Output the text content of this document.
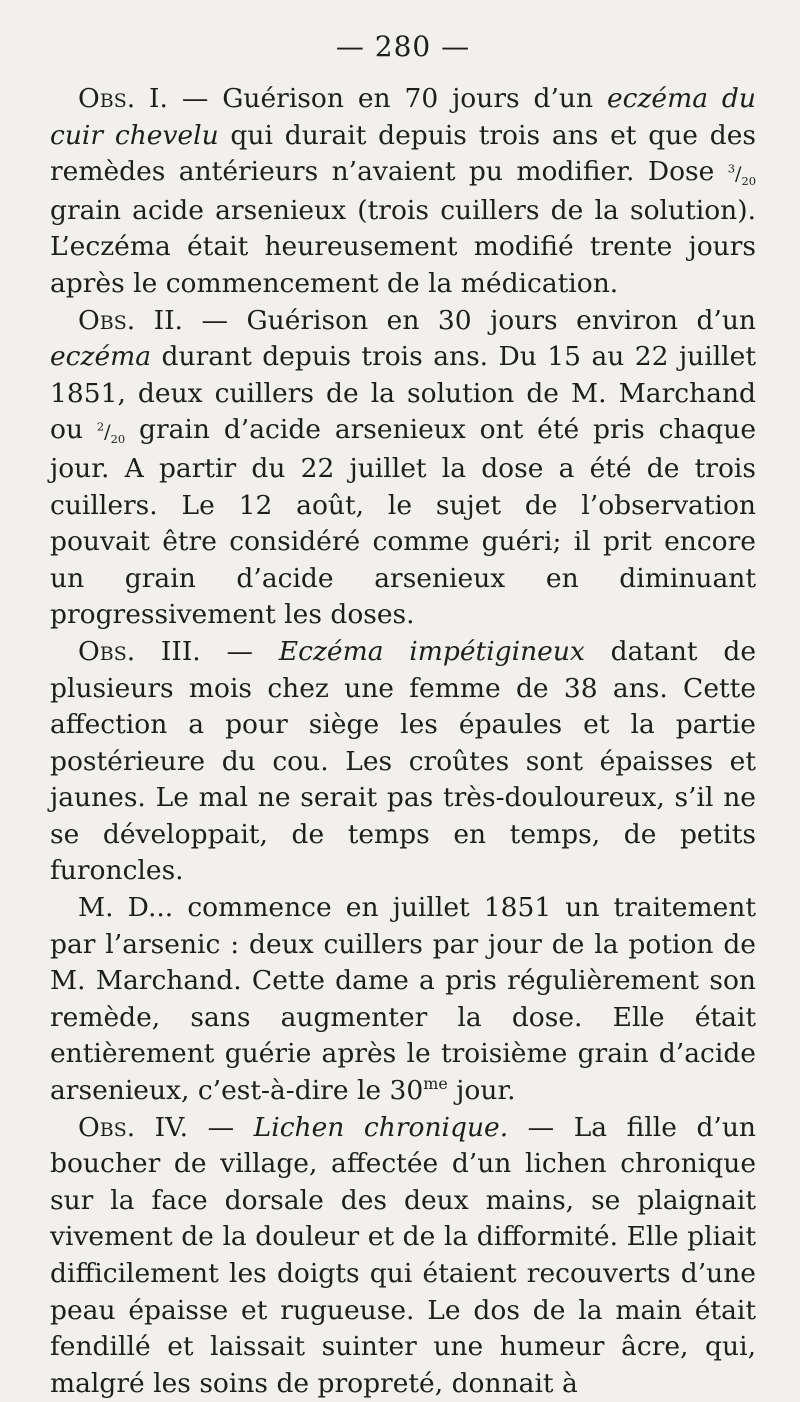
— 280 —

Obs. I. — Guérison en 70 jours d’un eczéma du cuir chevelu qui durait depuis trois ans et que des remèdes antérieurs n’avaient pu modifier. Dose $^3/_{20}$ grain acide arsenieux (trois cuillers de la solution). L’eczéma était heureusement modifié trente jours après le commencement de la médication.

Obs. II. — Guérison en 30 jours environ d’un eczéma durant depuis trois ans. Du 15 au 22 juillet 1851, deux cuillers de la solution de M. Marchand ou $^2/_{20}$ grain d’acide arsenieux ont été pris chaque jour. A partir du 22 juillet la dose a été de trois cuillers. Le 12 août, le sujet de l’observation pouvait être considéré comme guéri; il prit encore un grain d’acide arsenieux en diminuant progressivement les doses.

Obs. III. — Eczéma impétigineux datant de plusieurs mois chez une femme de 38 ans. Cette affection a pour siège les épaules et la partie postérieure du cou. Les croûtes sont épaisses et jaunes. Le mal ne serait pas très-douloureux, s’il ne se développait, de temps en temps, de petits furoncles.

M. D... commence en juillet 1851 un traitement par l’arsenic : deux cuillers par jour de la potion de M. Marchand. Cette dame a pris régulièrement son remède, sans augmenter la dose. Elle était entièrement guérie après le troisième grain d’acide arsenieux, c’est-à-dire le $30^{me}$ jour.

Obs. IV. — Lichen chronique. — La fille d’un boucher de village, affectée d’un lichen chronique sur la face dorsale des deux mains, se plaignait vivement de la douleur et de la difformité. Elle pliait difficilement les doigts qui étaient recouverts d’une peau épaisse et rugueuse. Le dos de la main était fendillé et laissait suinter une humeur âcre, qui, malgré les soins de propreté, donnait à
